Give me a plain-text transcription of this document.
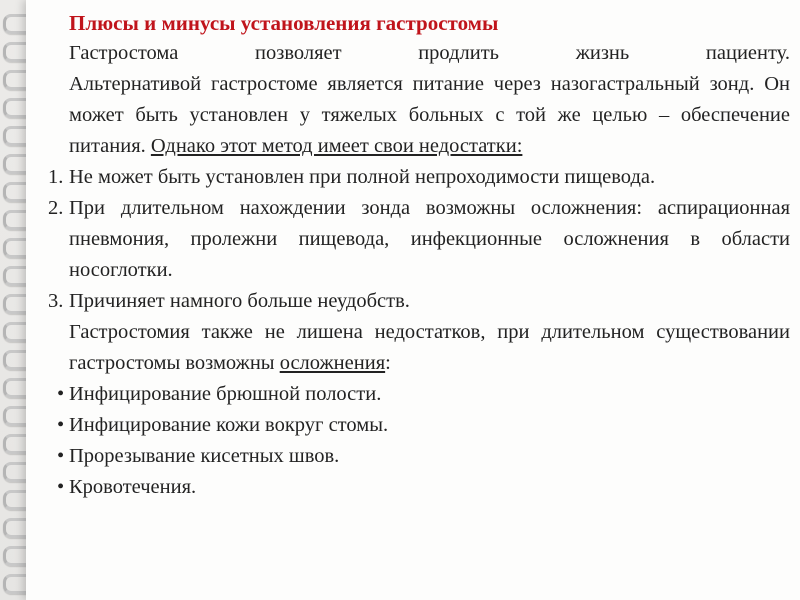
Плюсы и минусы установления гастростомы
Гастростома позволяет продлить жизнь пациенту.
Альтернативой гастростоме является питание через назогастральный зонд. Он может быть установлен у тяжелых больных с той же целью – обеспечение питания. Однако этот метод имеет свои недостатки:
1. Не может быть установлен при полной непроходимости пищевода.
2. При длительном нахождении зонда возможны осложнения: аспирационная пневмония, пролежни пищевода, инфекционные осложнения в области носоглотки.
3. Причиняет намного больше неудобств.
Гастростомия также не лишена недостатков, при длительном существовании гастростомы возможны осложнения:
• Инфицирование брюшной полости.
• Инфицирование кожи вокруг стомы.
• Прорезывание кисетных швов.
• Кровотечения.
